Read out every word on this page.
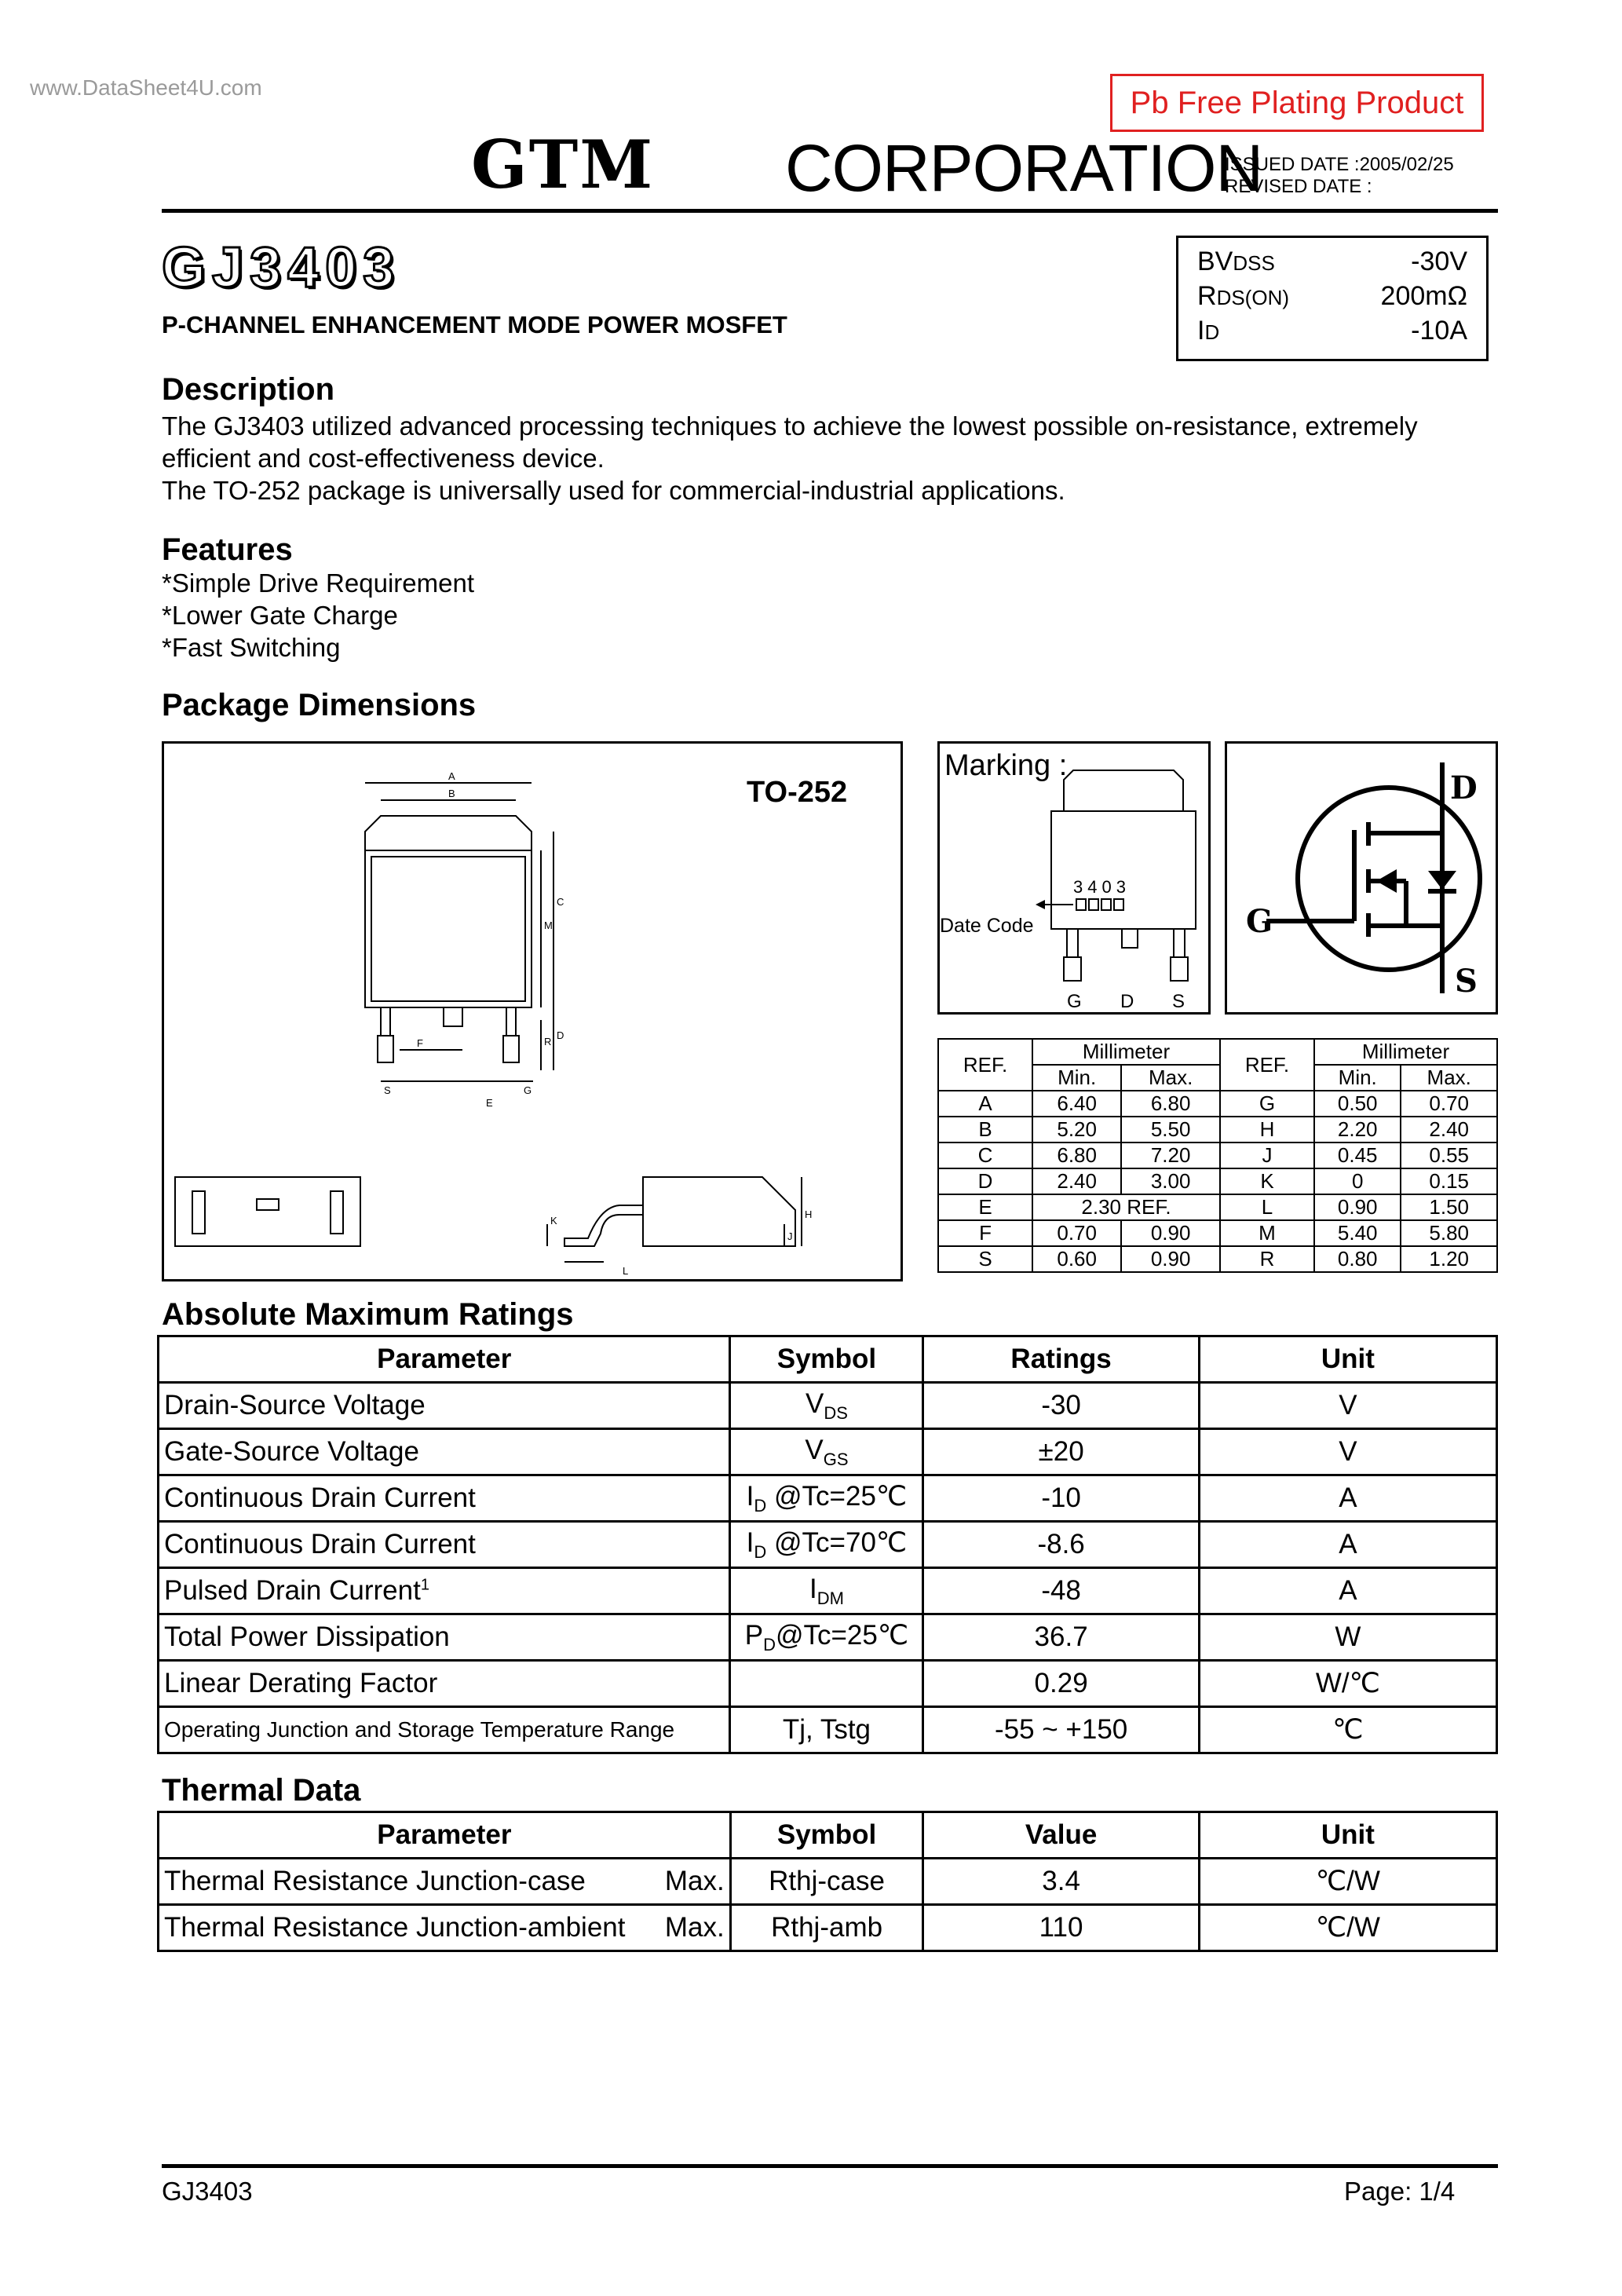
www.DataSheet4U.com	Pb Free Plating Product
GTM CORPORATION
ISSUED DATE :2005/02/25
REVISED DATE :
GJ3403
P-CHANNEL ENHANCEMENT MODE POWER MOSFET
BVDSS	-30V
RDS(ON)	200mΩ
ID	-10A
Description
The GJ3403 utilized advanced processing techniques to achieve the lowest possible on-resistance, extremely efficient and cost-effectiveness device.
The TO-252 package is universally used for commercial-industrial applications.
Features
*Simple Drive Requirement
*Lower Gate Charge
*Fast Switching
Package Dimensions
TO-252
A
B
C
M
R
D
F
G
S
E
K
L
H
J
Marking :
3403
Date Code
G D S
D
G
S
REF.	Millimeter		REF.	Millimeter	
	Min.	Max.		Min.	Max.
A	6.40	6.80	G	0.50	0.70
B	5.20	5.50	H	2.20	2.40
C	6.80	7.20	J	0.45	0.55
D	2.40	3.00	K	0	0.15
E	2.30 REF.		L	0.90	1.50
F	0.70	0.90	M	5.40	5.80
S	0.60	0.90	R	0.80	1.20
Absolute Maximum Ratings
Parameter	Symbol	Ratings	Unit
Drain-Source Voltage	$V_{DS}$	-30	V
Gate-Source Voltage	$V_{GS}$	±20	V
Continuous Drain Current	$I_D$ @Tc=25℃	-10	A
Continuous Drain Current	$I_D$ @Tc=70℃	-8.6	A
Pulsed Drain Current$^1$	$I_{DM}$	-48	A
Total Power Dissipation	$P_D@Tc=25℃$	36.7	W
Linear Derating Factor		0.29	W/℃
Operating Junction and Storage Temperature Range	Tj, Tstg	-55 ~ +150	℃
Thermal Data
Parameter	Symbol	Value	Unit

Thermal Resistance Junction-case Max.	Rthj-case	3.4	℃/W

Thermal Resistance Junction-ambient Max.	Rthj-amb	110	℃/W
GJ3403	Page: 1/4
